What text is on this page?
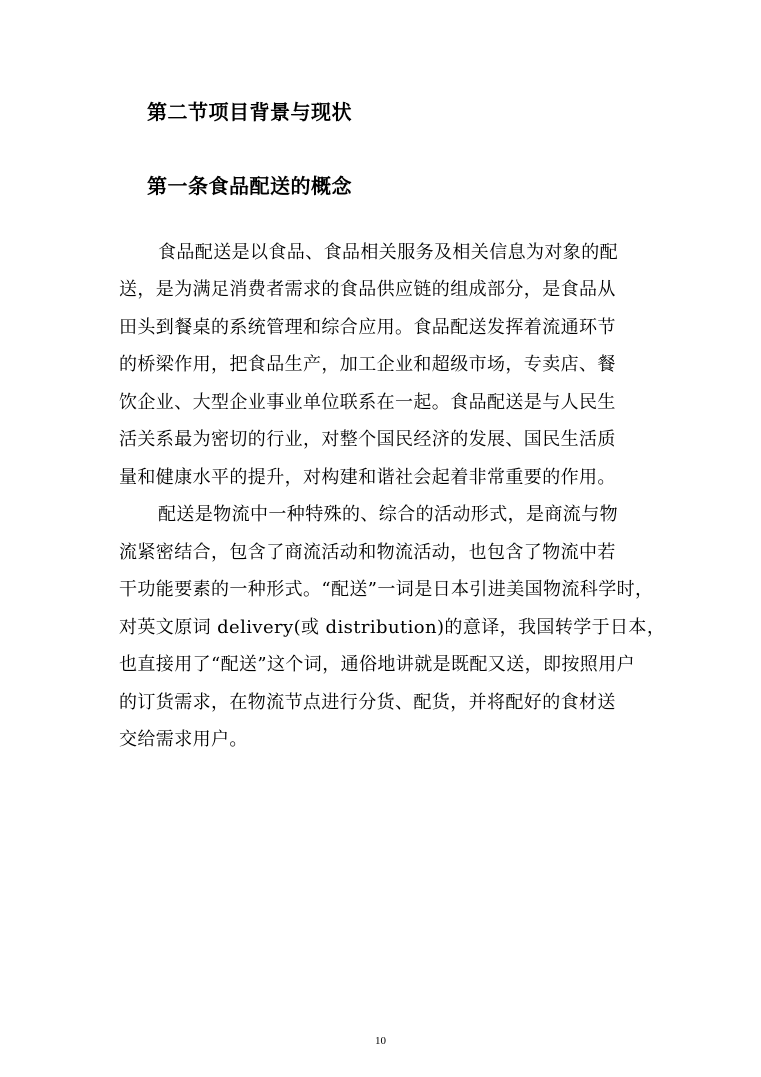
第二节项目背景与现状
第一条食品配送的概念
食品配送是以食品、食品相关服务及相关信息为对象的配
送，是为满足消费者需求的食品供应链的组成部分，是食品从
田头到餐桌的系统管理和综合应用。食品配送发挥着流通环节
的桥梁作用，把食品生产，加工企业和超级市场，专卖店、餐
饮企业、大型企业事业单位联系在一起。食品配送是与人民生
活关系最为密切的行业，对整个国民经济的发展、国民生活质
量和健康水平的提升，对构建和谐社会起着非常重要的作用。
配送是物流中一种特殊的、综合的活动形式，是商流与物
流紧密结合，包含了商流活动和物流活动，也包含了物流中若
干功能要素的一种形式。“配送”一词是日本引进美国物流科学时，
对英文原词 delivery(或 distribution)的意译，我国转学于日本，
也直接用了“配送”这个词，通俗地讲就是既配又送，即按照用户
的订货需求，在物流节点进行分货、配货，并将配好的食材送
交给需求用户。
10
